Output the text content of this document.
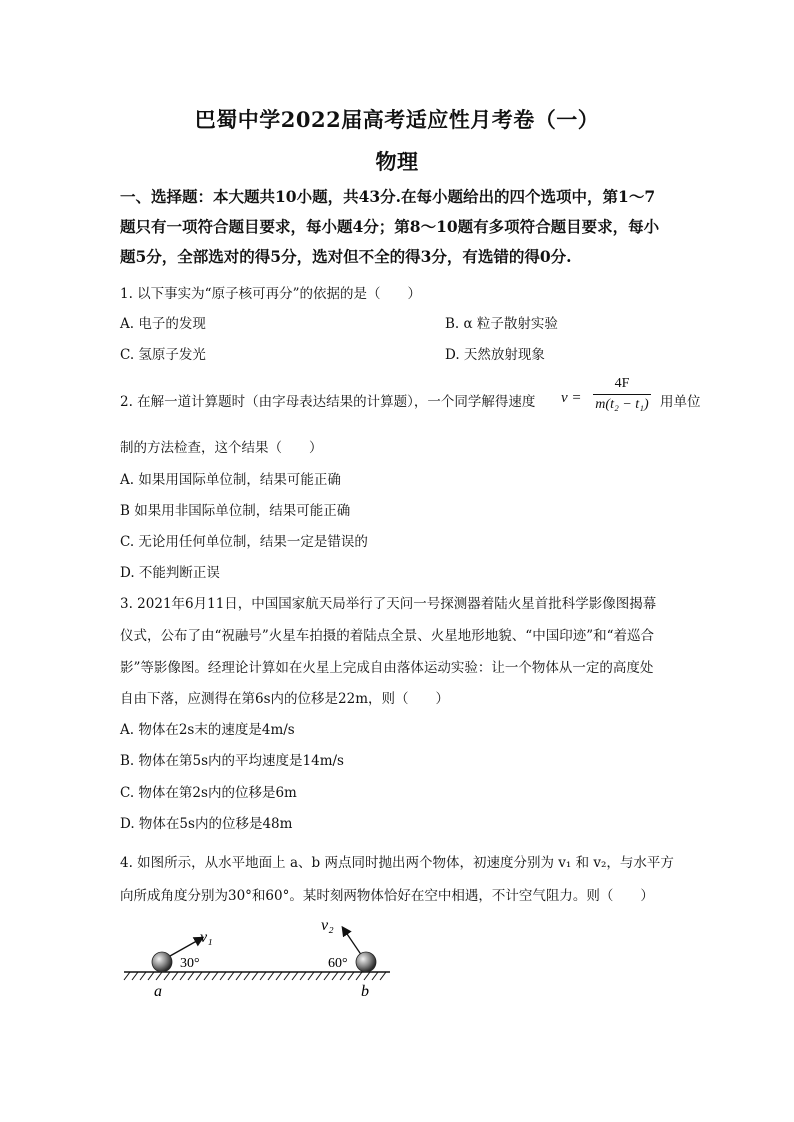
巴蜀中学2022届高考适应性月考卷（一）
物理
一、选择题：本大题共10小题，共43分.在每小题给出的四个选项中，第1～7
题只有一项符合题目要求，每小题4分；第8～10题有多项符合题目要求，每小
题5分，全部选对的得5分，选对但不全的得3分，有选错的得0分.
1. 以下事实为“原子核可再分”的依据的是（　　）
A. 电子的发现	B. α 粒子散射实验
C. 氢原子发光	D. 天然放射现象
2. 在解一道计算题时（由字母表达结果的计算题），一个同学解得速度 v =
4F
m(t₂ − t₁) 用单位
制的方法检查，这个结果（　　）
A. 如果用国际单位制，结果可能正确
B 如果用非国际单位制，结果可能正确
C. 无论用任何单位制，结果一定是错误的
D. 不能判断正误
3. 2021年6月11日，中国国家航天局举行了天问一号探测器着陆火星首批科学影像图揭幕
仪式，公布了由“祝融号”火星车拍摄的着陆点全景、火星地形地貌、“中国印迹”和“着巡合
影”等影像图。经理论计算如在火星上完成自由落体运动实验：让一个物体从一定的高度处
自由下落，应测得在第6s内的位移是22m，则（　　）
A. 物体在2s末的速度是4m/s
B. 物体在第5s内的平均速度是14m/s
C. 物体在第2s内的位移是6m
D. 物体在5s内的位移是48m
4. 如图所示，从水平地面上 a、b 两点同时抛出两个物体，初速度分别为 v₁ 和 v₂，与水平方
向所成角度分别为30°和60°。某时刻两物体恰好在空中相遇，不计空气阻力。则（　　）
v₁
v₂
30°	60°
a	b
